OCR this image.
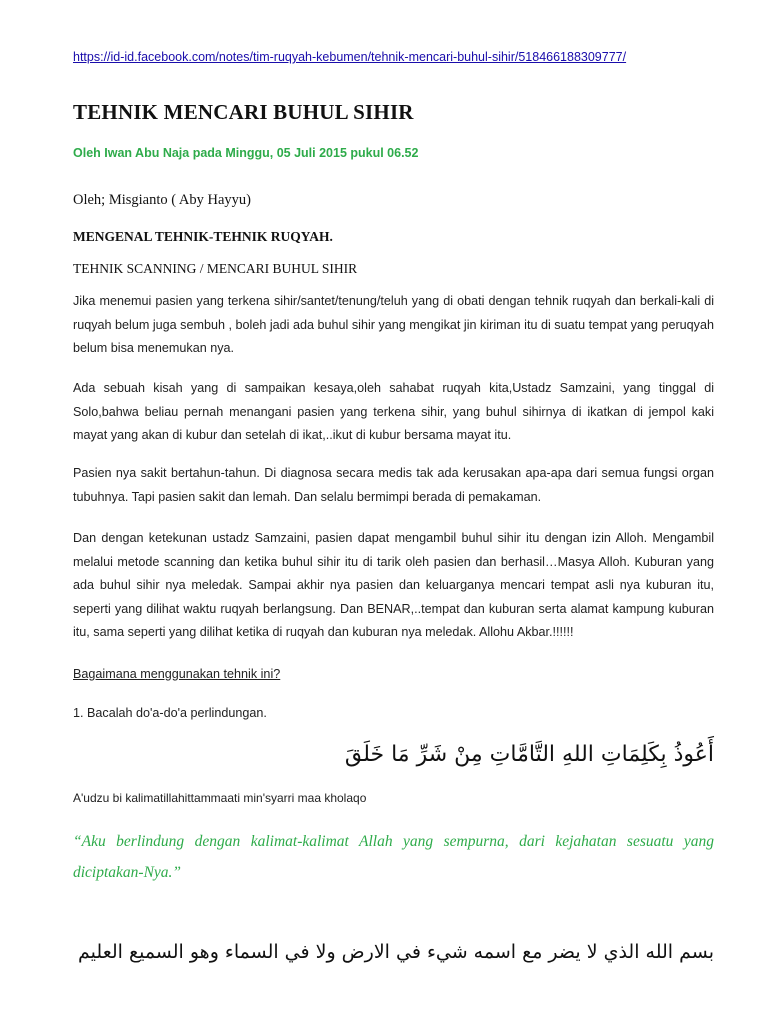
https://id-id.facebook.com/notes/tim-ruqyah-kebumen/tehnik-mencari-buhul-sihir/518466188309777/
TEHNIK MENCARI BUHUL SIHIR
Oleh Iwan Abu Naja pada Minggu, 05 Juli 2015 pukul 06.52
Oleh; Misgianto ( Aby Hayyu)
MENGENAL TEHNIK-TEHNIK RUQYAH.
TEHNIK SCANNING / MENCARI BUHUL SIHIR

Jika menemui pasien yang terkena sihir/santet/tenung/teluh yang di obati dengan tehnik ruqyah dan berkali-kali di ruqyah belum juga sembuh , boleh jadi ada buhul sihir yang mengikat jin kiriman itu di suatu tempat yang peruqyah belum bisa menemukan nya.

Ada sebuah kisah yang di sampaikan kesaya,oleh sahabat ruqyah kita,Ustadz Samzaini, yang tinggal di Solo,bahwa beliau pernah menangani pasien yang terkena sihir, yang buhul sihirnya di ikatkan di jempol kaki mayat yang akan di kubur dan setelah di ikat,..ikut di kubur bersama mayat itu.

Pasien nya sakit bertahun-tahun. Di diagnosa secara medis tak ada kerusakan apa-apa dari semua fungsi organ tubuhnya. Tapi pasien sakit dan lemah. Dan selalu bermimpi berada di pemakaman.

Dan dengan ketekunan ustadz Samzaini, pasien dapat mengambil buhul sihir itu dengan izin Alloh. Mengambil melalui metode scanning dan ketika buhul sihir itu di tarik oleh pasien dan berhasil…Masya Alloh. Kuburan yang ada buhul sihir nya meledak. Sampai akhir nya pasien dan keluarganya mencari tempat asli nya kuburan itu, seperti yang dilihat waktu ruqyah berlangsung. Dan BENAR,..tempat dan kuburan serta alamat kampung kuburan itu, sama seperti yang dilihat ketika di ruqyah dan kuburan nya meledak. Allohu Akbar.!!!!!!

Bagaimana menggunakan tehnik ini?
1. Bacalah do'a-do'a perlindungan.
أَعُوذُ بِكَلِمَاتِ اللهِ التَّامَّاتِ مِنْ شَرِّ مَا خَلَقَ
A'udzu bi kalimatillahittammaati min'syarri maa kholaqo

“Aku berlindung dengan kalimat-kalimat Allah yang sempurna, dari kejahatan sesuatu yang diciptakan-Nya.”

بسم الله الذي لا يضر مع اسمه شيء في الارض ولا في السماء وهو السميع العليم
